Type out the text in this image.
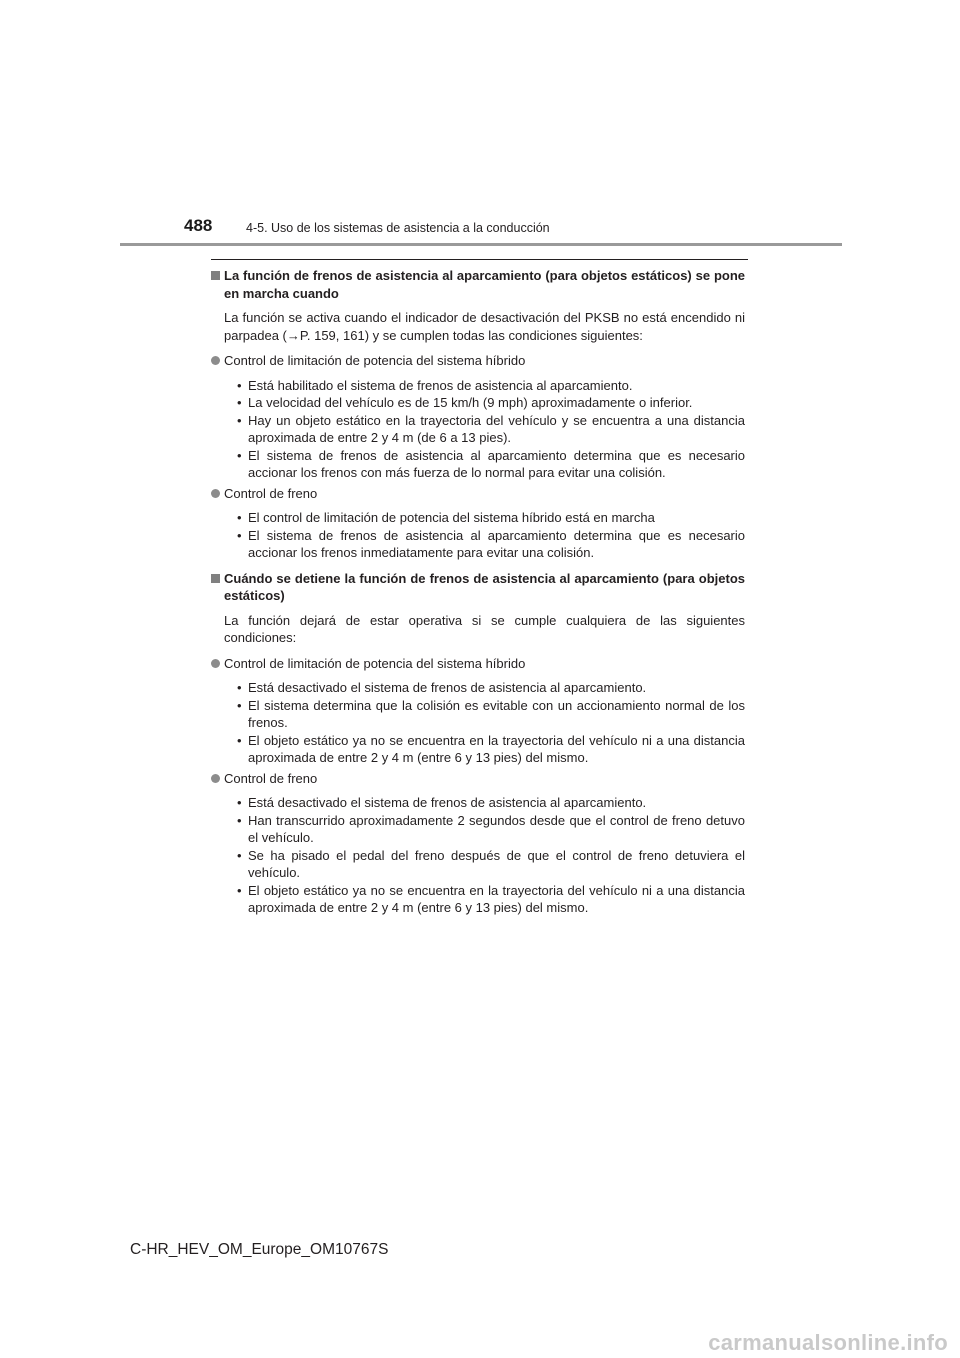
488	4-5. Uso de los sistemas de asistencia a la conducción
La función de frenos de asistencia al aparcamiento (para objetos estáticos) se pone en marcha cuando
La función se activa cuando el indicador de desactivación del PKSB no está encendido ni parpadea (→P. 159, 161) y se cumplen todas las condiciones siguientes:
Control de limitación de potencia del sistema híbrido
• Está habilitado el sistema de frenos de asistencia al aparcamiento.
• La velocidad del vehículo es de 15 km/h (9 mph) aproximadamente o inferior.
• Hay un objeto estático en la trayectoria del vehículo y se encuentra a una distancia aproximada de entre 2 y 4 m (de 6 a 13 pies).
• El sistema de frenos de asistencia al aparcamiento determina que es necesario accionar los frenos con más fuerza de lo normal para evitar una colisión.
Control de freno
• El control de limitación de potencia del sistema híbrido está en marcha
• El sistema de frenos de asistencia al aparcamiento determina que es necesario accionar los frenos inmediatamente para evitar una colisión.
Cuándo se detiene la función de frenos de asistencia al aparcamiento (para objetos estáticos)
La función dejará de estar operativa si se cumple cualquiera de las siguientes condiciones:
Control de limitación de potencia del sistema híbrido
• Está desactivado el sistema de frenos de asistencia al aparcamiento.
• El sistema determina que la colisión es evitable con un accionamiento normal de los frenos.
• El objeto estático ya no se encuentra en la trayectoria del vehículo ni a una distancia aproximada de entre 2 y 4 m (entre 6 y 13 pies) del mismo.
Control de freno
• Está desactivado el sistema de frenos de asistencia al aparcamiento.
• Han transcurrido aproximadamente 2 segundos desde que el control de freno detuvo el vehículo.
• Se ha pisado el pedal del freno después de que el control de freno detuviera el vehículo.
• El objeto estático ya no se encuentra en la trayectoria del vehículo ni a una distancia aproximada de entre 2 y 4 m (entre 6 y 13 pies) del mismo.
C-HR_HEV_OM_Europe_OM10767S
carmanualsonline.info
